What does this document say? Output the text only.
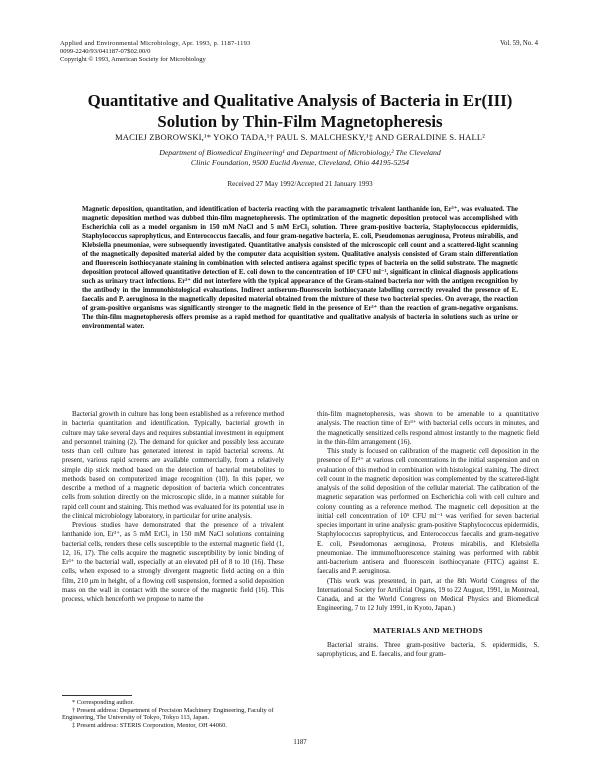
Applied and Environmental Microbiology, Apr. 1993, p. 1187-1193
0099-2240/93/041187-07$02.00/0
Copyright © 1993, American Society for Microbiology
Vol. 59, No. 4
Quantitative and Qualitative Analysis of Bacteria in Er(III)
Solution by Thin-Film Magnetopheresis
MACIEJ ZBOROWSKI,¹* YOKO TADA,¹† PAUL S. MALCHESKY,¹‡ AND GERALDINE S. HALL²
Department of Biomedical Engineering¹ and Department of Microbiology,² The Cleveland
Clinic Foundation, 9500 Euclid Avenue, Cleveland, Ohio 44195-5254
Received 27 May 1992/Accepted 21 January 1993
Magnetic deposition, quantitation, and identification of bacteria reacting with the paramagnetic trivalent lanthanide ion, Er³⁺, was evaluated. The magnetic deposition method was dubbed thin-film magnetopheresis. The optimization of the magnetic deposition protocol was accomplished with Escherichia coli as a model organism in 150 mM NaCl and 5 mM ErCl₃ solution. Three gram-positive bacteria, Staphylococcus epidermidis, Staphylococcus saprophyticus, and Enterococcus faecalis, and four gram-negative bacteria, E. coli, Pseudomonas aeruginosa, Proteus mirabilis, and Klebsiella pneumoniae, were subsequently investigated. Quantitative analysis consisted of the microscopic cell count and a scattered-light scanning of the magnetically deposited material aided by the computer data acquisition system. Qualitative analysis consisted of Gram stain differentiation and fluorescein isothiocyanate staining in combination with selected antisera against specific types of bacteria on the solid substrate. The magnetic deposition protocol allowed quantitative detection of E. coli down to the concentration of 10⁵ CFU ml⁻¹, significant in clinical diagnosis applications such as urinary tract infections. Er³⁺ did not interfere with the typical appearance of the Gram-stained bacteria nor with the antigen recognition by the antibody in the immunohistological evaluations. Indirect antiserum-fluorescein isothiocyanate labelling correctly revealed the presence of E. faecalis and P. aeruginosa in the magnetically deposited material obtained from the mixture of these two bacterial species. On average, the reaction of gram-positive organisms was significantly stronger to the magnetic field in the presence of Er³⁺ than the reaction of gram-negative organisms. The thin-film magnetopheresis offers promise as a rapid method for quantitative and qualitative analysis of bacteria in solutions such as urine or environmental water.

Bacterial growth in culture has long been established as a reference method in bacteria quantitation and identification. Typically, bacterial growth in culture may take several days and requires substantial investment in equipment and personnel training (2). The demand for quicker and possibly less accurate tests than cell culture has generated interest in rapid bacterial screens. At present, various rapid screens are available commercially, from a relatively simple dip stick method based on the detection of bacterial metabolites to methods based on computerized image recognition (10). In this paper, we describe a method of a magnetic deposition of bacteria which concentrates cells from solution directly on the microscopic slide, in a manner suitable for rapid cell count and staining. This method was evaluated for its potential use in the clinical microbiology laboratory, in particular for urine analysis.

Previous studies have demonstrated that the presence of a trivalent lanthanide ion, Er³⁺, as 5 mM ErCl₃ in 150 mM NaCl solutions containing bacterial cells, renders these cells susceptible to the external magnetic field (1, 12, 16, 17). The cells acquire the magnetic susceptibility by ionic binding of Er³⁺ to the bacterial wall, especially at an elevated pH of 8 to 10 (16). These cells, when exposed to a strongly divergent magnetic field acting on a thin film, 210 μm in height, of a flowing cell suspension, formed a solid deposition mass on the wall in contact with the source of the magnetic field (16). This process, which henceforth we propose to name the

thin-film magnetopheresis, was shown to be amenable to a quantitative analysis. The reaction time of Er³⁺ with bacterial cells occurs in minutes, and the magnetically sensitized cells respond almost instantly to the magnetic field in the thin-film arrangement (16).

This study is focused on calibration of the magnetic cell deposition in the presence of Er³⁺ at various cell concentrations in the initial suspension and on evaluation of this method in combination with histological staining. The direct cell count in the magnetic deposition was complemented by the scattered-light analysis of the solid deposition of the cellular material. The calibration of the magnetic separation was performed on Escherichia coli with cell culture and colony counting as a reference method. The magnetic cell deposition at the initial cell concentration of 10⁵ CFU ml⁻¹ was verified for seven bacterial species important in urine analysis: gram-positive Staphylococcus epidermidis, Staphylococcus saprophyticus, and Enterococcus faecalis and gram-negative E. coli, Pseudomonas aeruginosa, Proteus mirabilis, and Klebsiella pneumoniae. The immunofluorescence staining was performed with rabbit anti-bacterium antisera and fluorescein isothiocyanate (FITC) against E. faecalis and P. aeruginosa.

(This work was presented, in part, at the 8th World Congress of the International Society for Artificial Organs, 19 to 22 August, 1991, in Montreal, Canada, and at the World Congress on Medical Physics and Biomedical Engineering, 7 to 12 July 1991, in Kyoto, Japan.)

MATERIALS AND METHODS

Bacterial strains. Three gram-positive bacteria, S. epidermidis, S. saprophyticus, and E. faecalis, and four gram-

* Corresponding author.
† Present address: Department of Precision Machinery Engineering, Faculty of Engineering, The University of Tokyo, Tokyo 113, Japan.
‡ Present address: STERIS Corporation, Mentor, OH 44060.
1187
